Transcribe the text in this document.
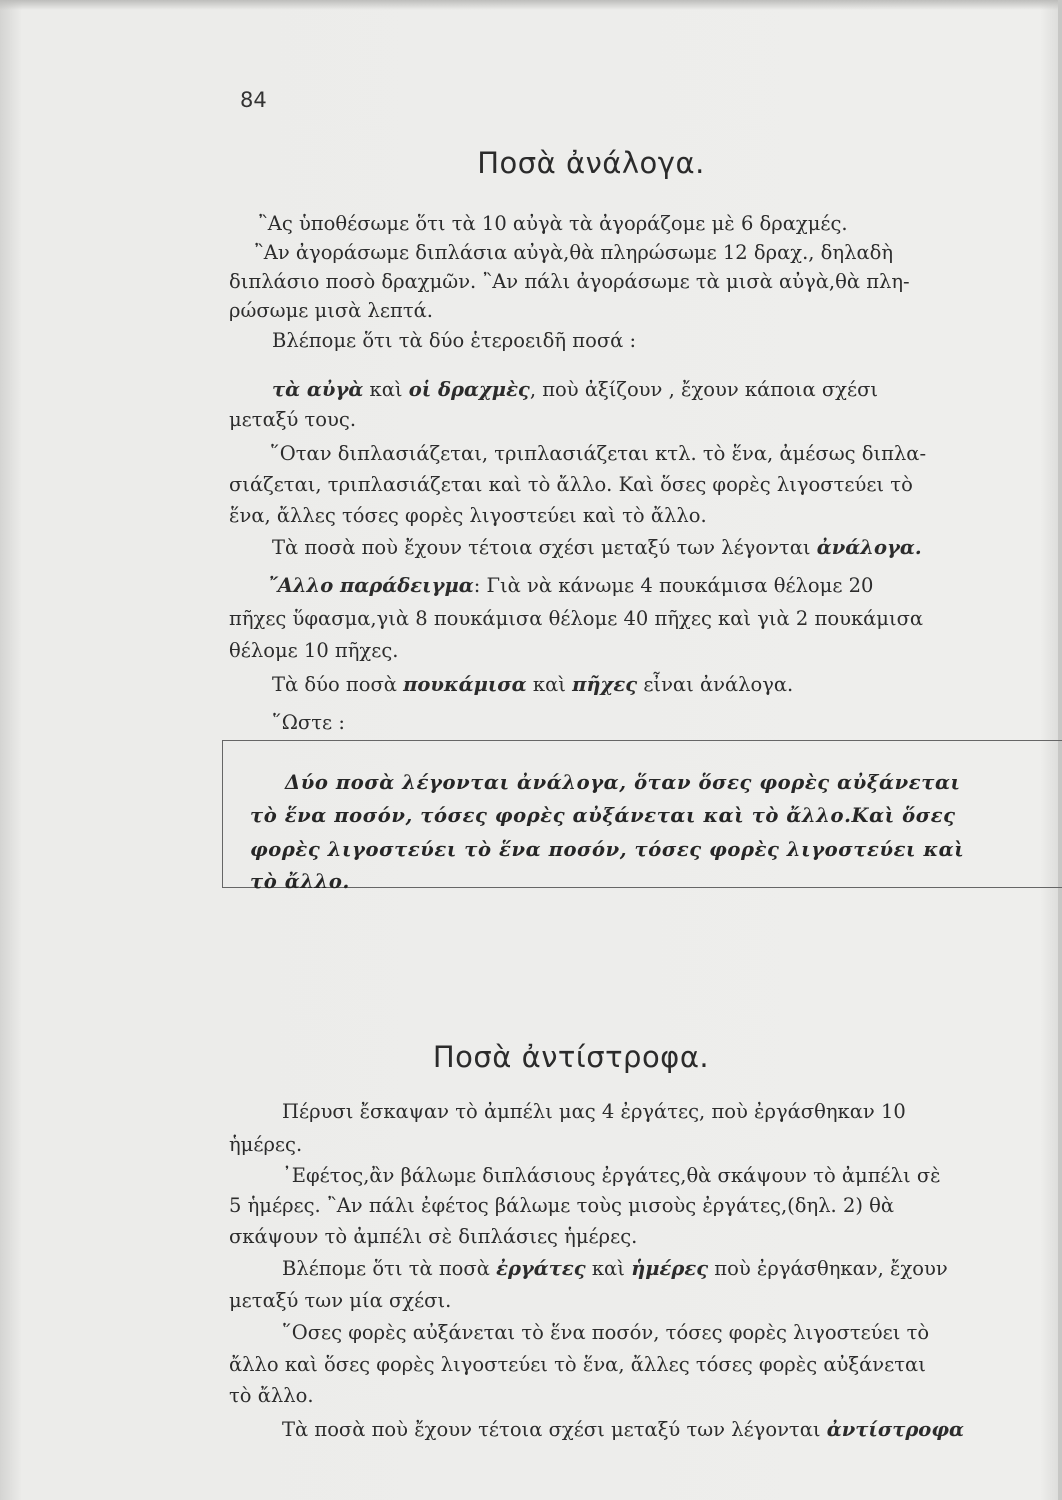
84
Ποσὰ ἀνάλογα.

῍Ας ὑποθέσωμε ὅτι τὰ 10 αὐγὰ τὰ ἀγοράζομε μὲ 6 δραχμές.

῍Αν ἀγοράσωμε διπλάσια αὐγὰ,θὰ πληρώσωμε 12 δραχ., δηλαδὴ

διπλάσιο ποσὸ δραχμῶν. ῍Αν πάλι ἀγοράσωμε τὰ μισὰ αὐγὰ,θὰ πλη-

ρώσωμε μισὰ λεπτά.

Βλέπομε ὅτι τὰ δύο ἑτεροειδῆ ποσά :

τὰ αὐγὰ καὶ οἱ δραχμὲς, ποὺ ἀξίζουν , ἔχουν κάποια σχέσι

μεταξύ τους.

῞Οταν διπλασιάζεται, τριπλασιάζεται κτλ. τὸ ἕνα, ἀμέσως διπλα-

σιάζεται, τριπλασιάζεται καὶ τὸ ἄλλο. Καὶ ὅσες φορὲς λιγοστεύει τὸ

ἕνα, ἄλλες τόσες φορὲς λιγοστεύει καὶ τὸ ἄλλο.

Τὰ ποσὰ ποὺ ἔχουν τέτοια σχέσι μεταξύ των λέγονται ἀνάλογα.

῎Αλλο παράδειγμα: Γιὰ νὰ κάνωμε 4 πουκάμισα θέλομε 20

πῆχες ὕφασμα,γιὰ 8 πουκάμισα θέλομε 40 πῆχες καὶ γιὰ 2 πουκάμισα

θέλομε 10 πῆχες.

Τὰ δύο ποσὰ πουκάμισα καὶ πῆχες εἶναι ἀνάλογα.

῞Ωστε :

Δύο ποσὰ λέγονται ἀνάλογα, ὅταν ὅσες φορὲς αὐξάνεται

τὸ ἕνα ποσόν, τόσες φορὲς αὐξάνεται καὶ τὸ ἄλλο.Καὶ ὅσες

φορὲς λιγοστεύει τὸ ἕνα ποσόν, τόσες φορὲς λιγοστεύει καὶ

τὸ ἄλλο.

Ποσὰ ἀντίστροφα.

Πέρυσι ἔσκαψαν τὸ ἀμπέλι μας 4 ἐργάτες, ποὺ ἐργάσθηκαν 10

ἡμέρες.

᾿Εφέτος,ἂν βάλωμε διπλάσιους ἐργάτες,θὰ σκάψουν τὸ ἀμπέλι σὲ

5 ἡμέρες. ῍Αν πάλι ἐφέτος βάλωμε τοὺς μισοὺς ἐργάτες,(δηλ. 2) θὰ

σκάψουν τὸ ἀμπέλι σὲ διπλάσιες ἡμέρες.

Βλέπομε ὅτι τὰ ποσὰ ἐργάτες καὶ ἡμέρες ποὺ ἐργάσθηκαν, ἔχουν

μεταξύ των μία σχέσι.

῞Οσες φορὲς αὐξάνεται τὸ ἕνα ποσόν, τόσες φορὲς λιγοστεύει τὸ

ἄλλο καὶ ὅσες φορὲς λιγοστεύει τὸ ἕνα, ἄλλες τόσες φορὲς αὐξάνεται

τὸ ἄλλο.

Τὰ ποσὰ ποὺ ἔχουν τέτοια σχέσι μεταξύ των λέγονται ἀντίστροφα
